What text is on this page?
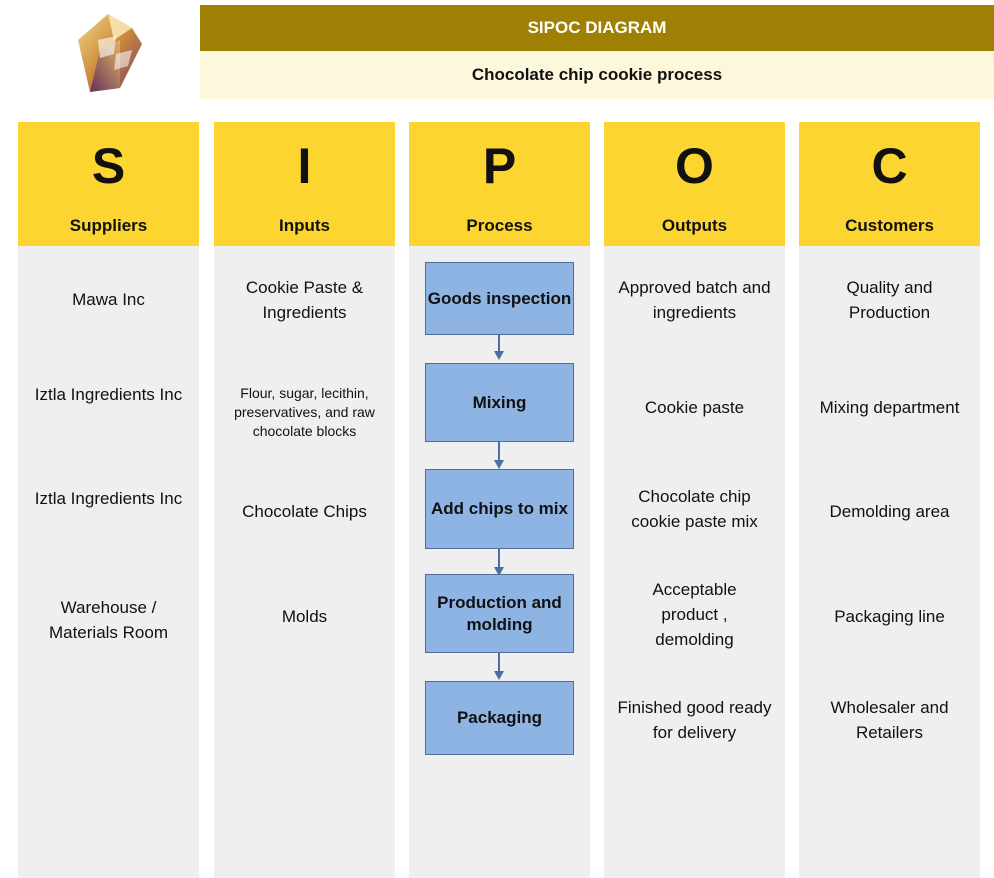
SIPOC DIAGRAM
Chocolate chip cookie process
S
Suppliers
Mawa Inc
Iztla Ingredients Inc
Iztla Ingredients Inc
Warehouse / Materials Room
I
Inputs
Cookie Paste & Ingredients
Flour, sugar, lecithin, preservatives, and raw chocolate blocks
Chocolate Chips
Molds
P
Process
Goods inspection
Mixing
Add chips to mix
Production and molding
Packaging
O
Outputs
Approved batch and ingredients
Cookie paste
Chocolate chip cookie paste mix
Acceptable product , demolding
Finished good ready for delivery
C
Customers
Quality and Production
Mixing department
Demolding area
Packaging line
Wholesaler and Retailers
